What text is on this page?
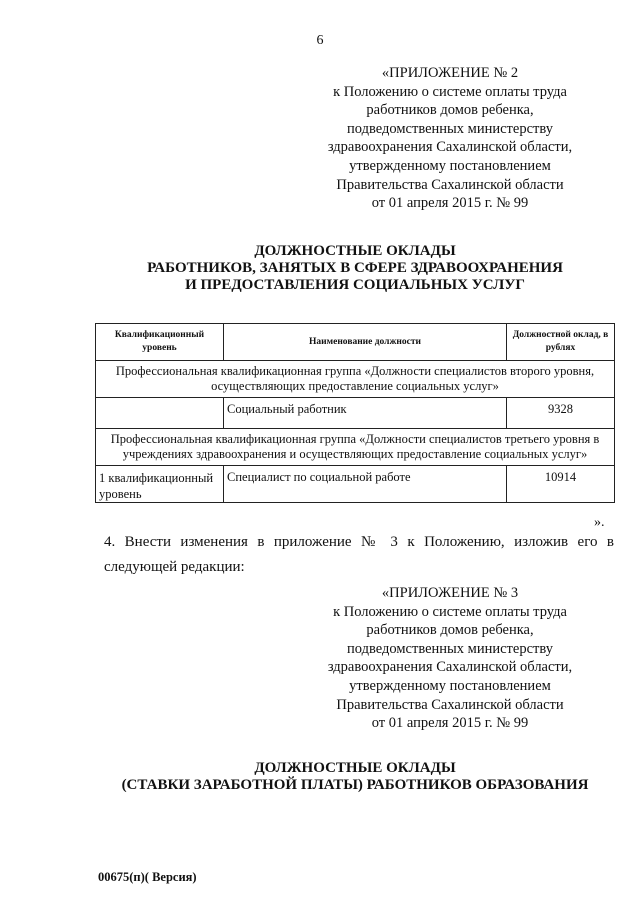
6
«ПРИЛОЖЕНИЕ № 2
к Положению о системе оплаты труда
работников домов ребенка,
подведомственных министерству
здравоохранения Сахалинской области,
утвержденному постановлением
Правительства Сахалинской области
от 01 апреля 2015 г. № 99
ДОЛЖНОСТНЫЕ ОКЛАДЫ
РАБОТНИКОВ, ЗАНЯТЫХ В СФЕРЕ ЗДРАВООХРАНЕНИЯ
И ПРЕДОСТАВЛЕНИЯ СОЦИАЛЬНЫХ УСЛУГ
Квалификационный уровень	Наименование должности	Должностной оклад, в рублях
Профессиональная квалификационная группа «Должности специалистов второго уровня, осуществляющих предоставление социальных услуг»		
	Социальный работник	9328
Профессиональная квалификационная группа «Должности специалистов третьего уровня в учреждениях здравоохранения и осуществляющих предоставление социальных услуг»		
1 квалификационный уровень	Специалист по социальной работе	10914
».
4. Внести изменения в приложение № 3 к Положению, изложив его в
следующей редакции:
«ПРИЛОЖЕНИЕ № 3
к Положению о системе оплаты труда
работников домов ребенка,
подведомственных министерству
здравоохранения Сахалинской области,
утвержденному постановлением
Правительства Сахалинской области
от 01 апреля 2015 г. № 99
ДОЛЖНОСТНЫЕ ОКЛАДЫ
(СТАВКИ ЗАРАБОТНОЙ ПЛАТЫ) РАБОТНИКОВ ОБРАЗОВАНИЯ
00675(п)( Версия)
